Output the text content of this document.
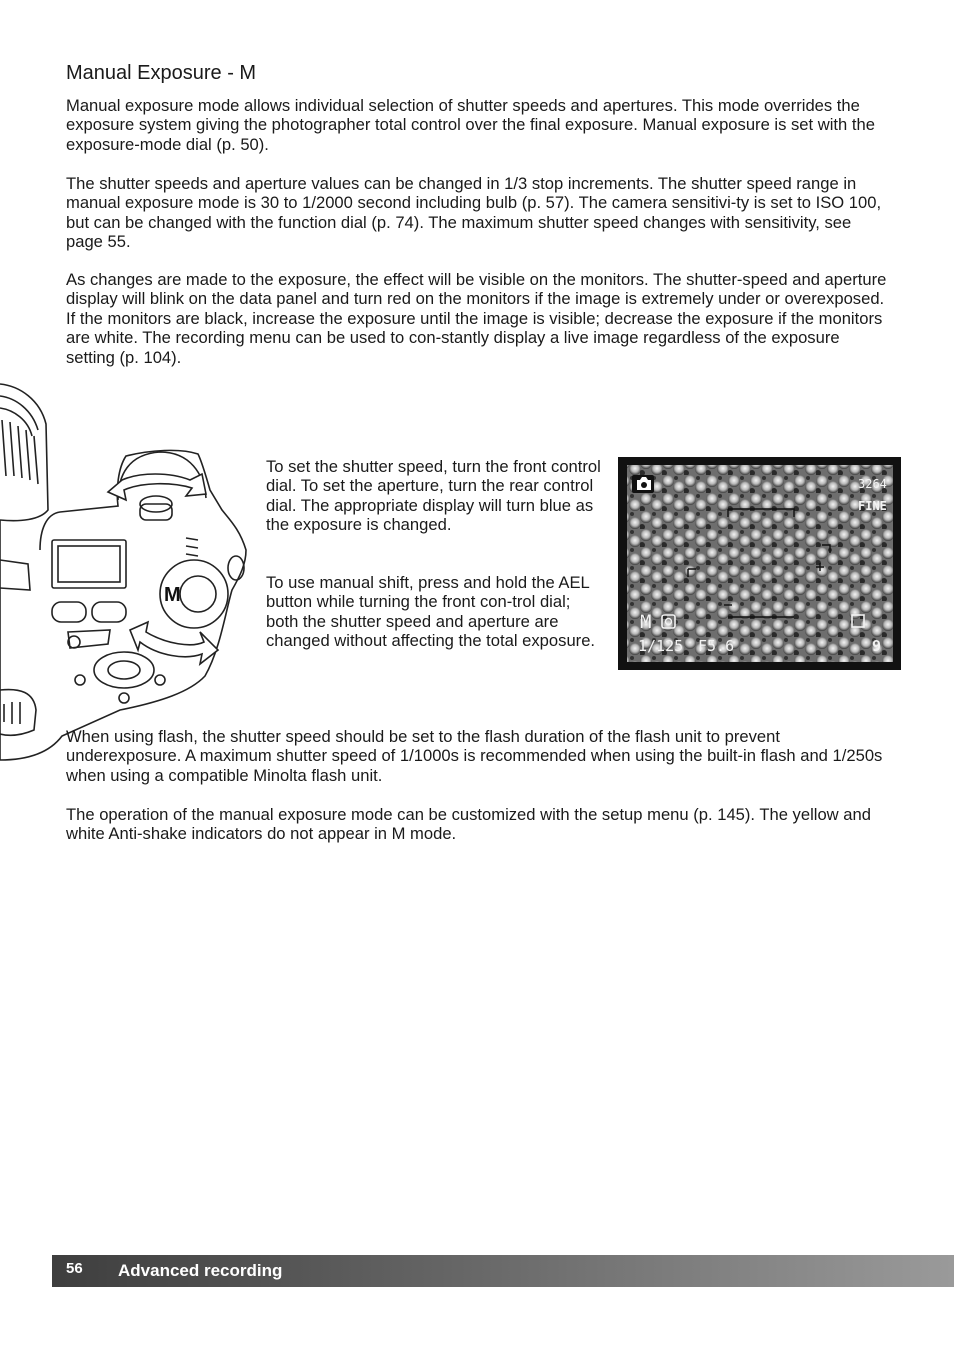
Manual Exposure - M

Manual exposure mode allows individual selection of shutter speeds and apertures. This mode overrides the exposure system giving the photographer total control over the final exposure. Manual exposure is set with the exposure-mode dial (p. 50).

The shutter speeds and aperture values can be changed in 1/3 stop increments. The shutter speed range in manual exposure mode is 30 to 1/2000 second including bulb (p. 57). The camera sensitivi-ty is set to ISO 100, but can be changed with the function dial (p. 74). The maximum shutter speed changes with sensitivity, see page 55.

As changes are made to the exposure, the effect will be visible on the monitors. The shutter-speed and aperture display will blink on the data panel and turn red on the monitors if the image is extremely under or overexposed. If the monitors are black, increase the exposure until the image is visible; decrease the exposure if the monitors are white. The recording menu can be used to con-stantly display a live image regardless of the exposure setting (p. 104).

M

To set the shutter speed, turn the front control dial. To set the aperture, turn the rear control dial. The appropriate display will turn blue as the exposure is changed.

To use manual shift, press and hold the AEL button while turning the front con-trol dial; both the shutter speed and aperture are changed without affecting the total exposure.

3264
FINE
M
1/125 F5.6	9

When using flash, the shutter speed should be set to the flash duration of the flash unit to prevent underexposure. A maximum shutter speed of 1/1000s is recommended when using the built-in flash and 1/250s when using a compatible Minolta flash unit.

The operation of the manual exposure mode can be customized with the setup menu (p. 145). The yellow and white Anti-shake indicators do not appear in M mode.

56 Advanced recording
